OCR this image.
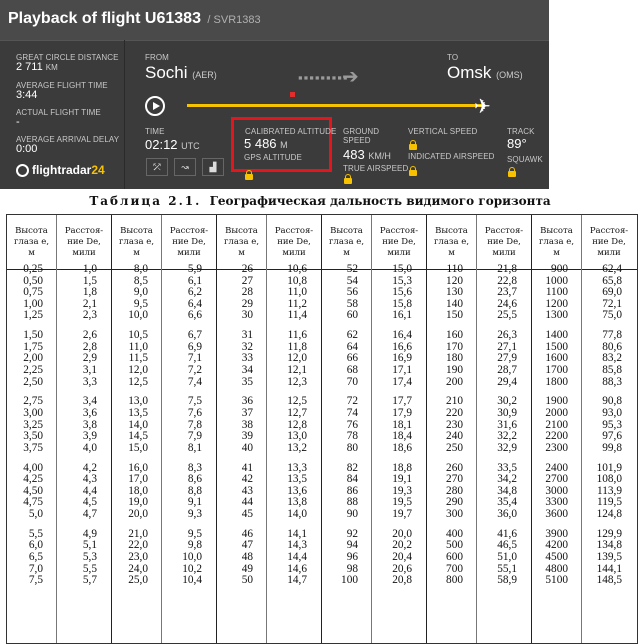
Playback of flight U61383 / SVR1383
GREAT CIRCLE DISTANCE
2 711 KM
AVERAGE FLIGHT TIME
3:44
ACTUAL FLIGHT TIME
-
AVERAGE ARRIVAL DELAY
0:00
flightradar24
FROM
Sochi (AER)	▪▪▪▪▪▪▪▪▪
➔
TO
Omsk (OMS)
✈
TIME
02:12 UTC
⤱	↝	▟
CALIBRATED ALTITUDE
5 486 M
GPS ALTITUDE
GROUND
SPEED
483 KM/H
TRUE AIRSPEED
VERTICAL SPEED
INDICATED AIRSPEED
TRACK
89°
SQUAWK
Таблица 2.1. Географическая дальность видимого горизонта
Высота
глаза e,
м
Расстоя-
ние De,
мили
0,25	1,0
0,50	1,5
0,75	1,8
1,00	2,1
1,25	2,3
1,50	2,6
1,75	2,8
2,00	2,9
2,25	3,1
2,50	3,3
2,75	3,4
3,00	3,6
3,25	3,8
3,50	3,9
3,75	4,0
4,00	4,2
4,25	4,3
4,50	4,4
4,75	4,5
5,0	4,7
5,5	4,9
6,0	5,1
6,5	5,3
7,0	5,5
7,5	5,7
Высота
глаза e,
м
Расстоя-
ние De,
мили
8,0	5,9
8,5	6,1
9,0	6,2
9,5	6,4
10,0	6,6
10,5	6,7
11,0	6,9
11,5	7,1
12,0	7,2
12,5	7,4
13,0	7,5
13,5	7,6
14,0	7,8
14,5	7,9
15,0	8,1
16,0	8,3
17,0	8,6
18,0	8,8
19,0	9,1
20,0	9,3
21,0	9,5
22,0	9,8
23,0	10,0
24,0	10,2
25,0	10,4
Высота
глаза e,
м
Расстоя-
ние De,
мили
26	10,6
27	10,8
28	11,0
29	11,2
30	11,4
31	11,6
32	11,8
33	12,0
34	12,1
35	12,3
36	12,5
37	12,7
38	12,8
39	13,0
40	13,2
41	13,3
42	13,5
43	13,6
44	13,8
45	14,0
46	14,1
47	14,3
48	14,4
49	14,6
50	14,7
Высота
глаза e,
м
Расстоя-
ние De,
мили
52	15,0
54	15,3
56	15,6
58	15,8
60	16,1
62	16,4
64	16,6
66	16,9
68	17,1
70	17,4
72	17,7
74	17,9
76	18,1
78	18,4
80	18,6
82	18,8
84	19,1
86	19,3
88	19,5
90	19,7
92	20,0
94	20,2
96	20,4
98	20,6
100	20,8
Высота
глаза e,
м
Расстоя-
ние De,
мили
110	21,8
120	22,8
130	23,7
140	24,6
150	25,5
160	26,3
170	27,1
180	27,9
190	28,7
200	29,4
210	30,2
220	30,9
230	31,6
240	32,2
250	32,9
260	33,5
270	34,2
280	34,8
290	35,4
300	36,0
400	41,6
500	46,5
600	51,0
700	55,1
800	58,9
Высота
глаза e,
м
Расстоя-
ние De,
мили
900	62,4
1000	65,8
1100	69,0
1200	72,1
1300	75,0
1400	77,8
1500	80,6
1600	83,2
1700	85,8
1800	88,3
1900	90,8
2000	93,0
2100	95,3
2200	97,6
2300	99,8
2400	101,9
2700	108,0
3000	113,9
3300	119,5
3600	124,8
3900	129,9
4200	134,8
4500	139,5
4800	144,1
5100	148,5
